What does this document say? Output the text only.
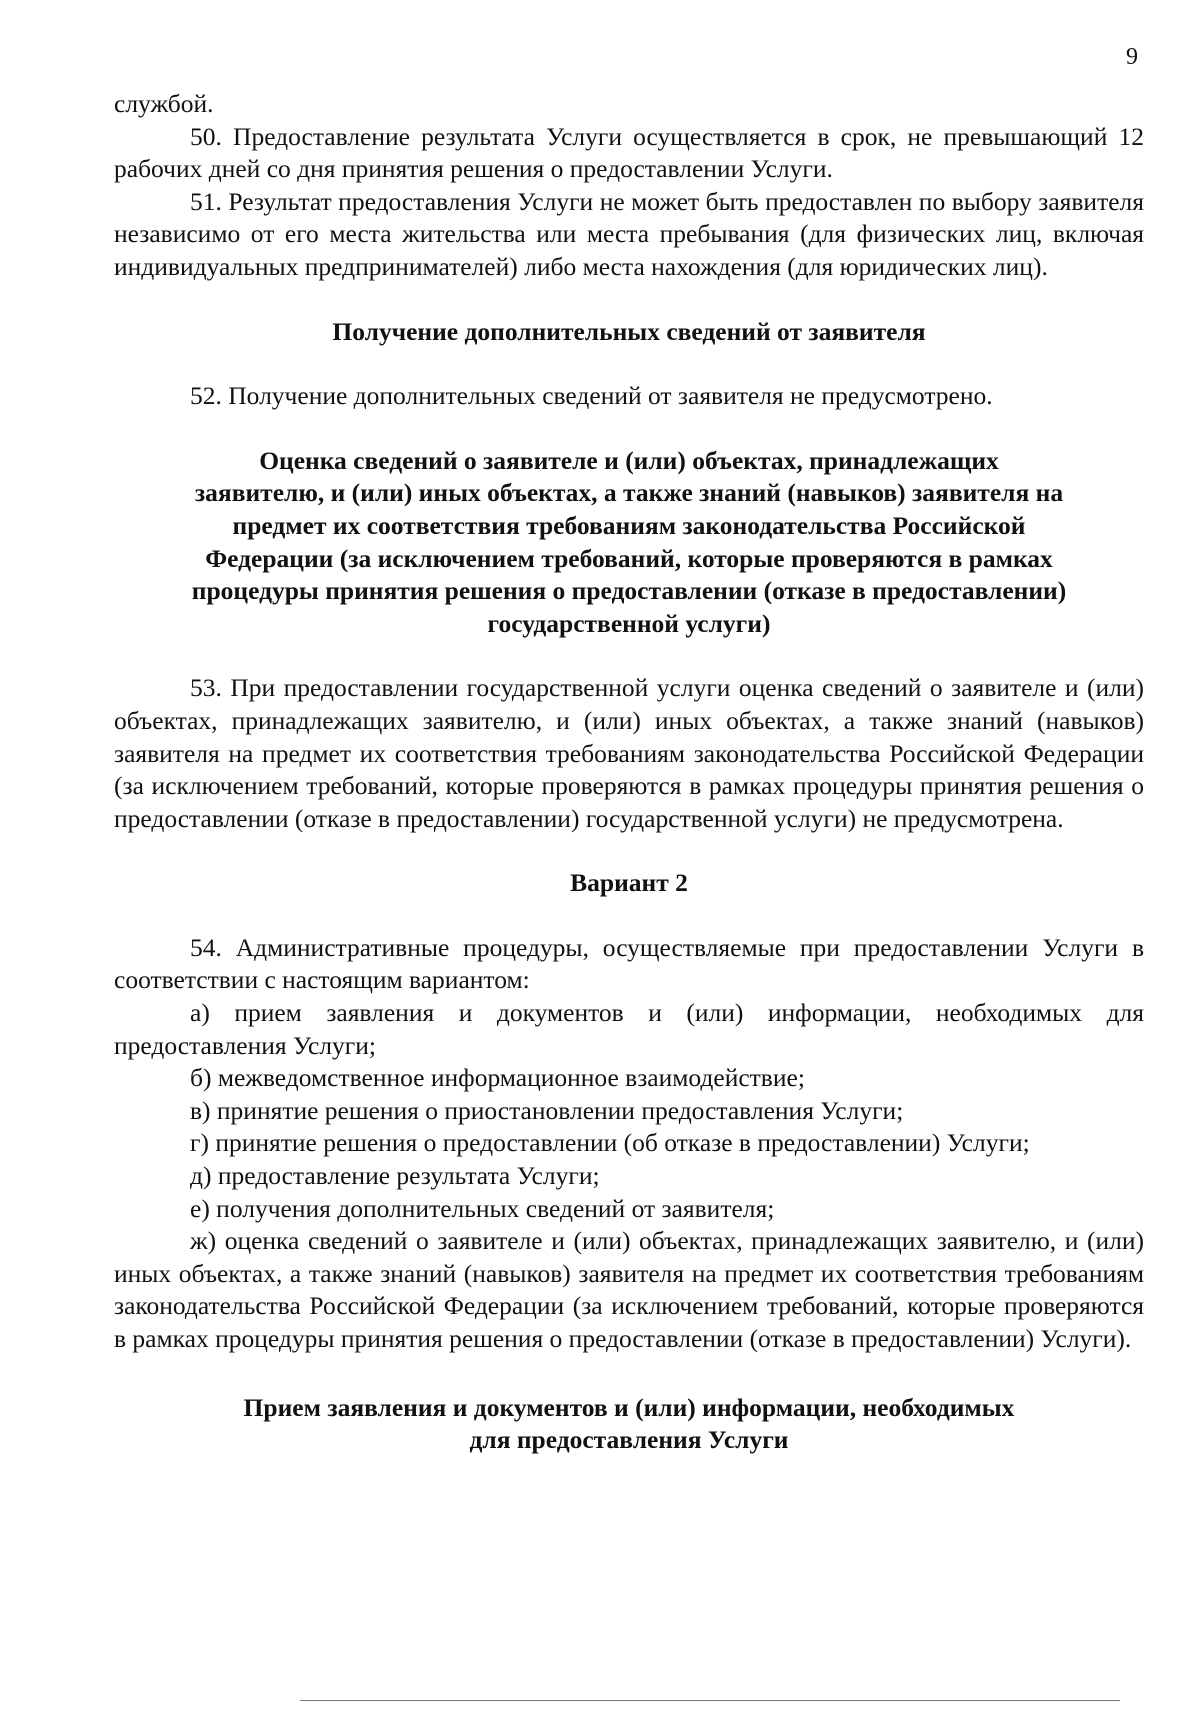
9

службой.

50. Предоставление результата Услуги осуществляется в срок, не превышающий 12 рабочих дней со дня принятия решения о предоставлении Услуги.

51. Результат предоставления Услуги не может быть предоставлен по выбору заявителя независимо от его места жительства или места пребывания (для физических лиц, включая индивидуальных предпринимателей) либо места нахождения (для юридических лиц).

Получение дополнительных сведений от заявителя

52. Получение дополнительных сведений от заявителя не предусмотрено.

Оценка сведений о заявителе и (или) объектах, принадлежащих
заявителю, и (или) иных объектах, а также знаний (навыков) заявителя на
предмет их соответствия требованиям законодательства Российской
Федерации (за исключением требований, которые проверяются в рамках
процедуры принятия решения о предоставлении (отказе в предоставлении)
государственной услуги)

53. При предоставлении государственной услуги оценка сведений о заявителе и (или) объектах, принадлежащих заявителю, и (или) иных объектах, а также знаний (навыков) заявителя на предмет их соответствия требованиям законодательства Российской Федерации (за исключением требований, которые проверяются в рамках процедуры принятия решения о предоставлении (отказе в предоставлении) государственной услуги) не предусмотрена.

Вариант 2

54. Административные процедуры, осуществляемые при предоставлении Услуги в соответствии с настоящим вариантом:

а) прием заявления и документов и (или) информации, необходимых для предоставления Услуги;

б) межведомственное информационное взаимодействие;

в) принятие решения о приостановлении предоставления Услуги;

г) принятие решения о предоставлении (об отказе в предоставлении) Услуги;

д) предоставление результата Услуги;

е) получения дополнительных сведений от заявителя;

ж) оценка сведений о заявителе и (или) объектах, принадлежащих заявителю, и (или) иных объектах, а также знаний (навыков) заявителя на предмет их соответствия требованиям законодательства Российской Федерации (за исключением требований, которые проверяются в рамках процедуры принятия решения о предоставлении (отказе в предоставлении) Услуги).

Прием заявления и документов и (или) информации, необходимых
для предоставления Услуги
